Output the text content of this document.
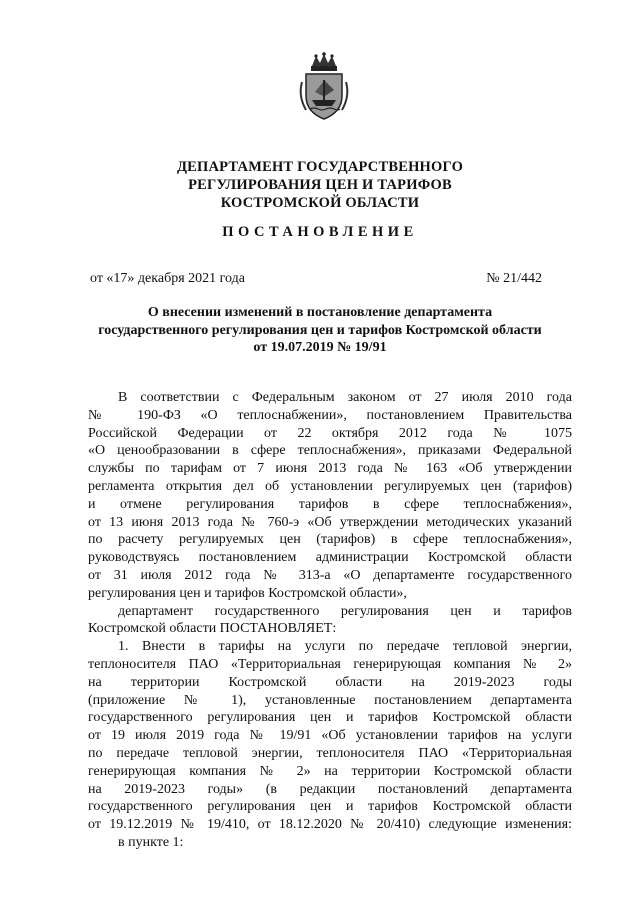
ДЕПАРТАМЕНТ ГОСУДАРСТВЕННОГО
РЕГУЛИРОВАНИЯ ЦЕН И ТАРИФОВ
КОСТРОМСКОЙ ОБЛАСТИ
ПОСТАНОВЛЕНИЕ
от «17» декабря 2021 года	№ 21/442
О внесении изменений в постановление департамента
государственного регулирования цен и тарифов Костромской области
от 19.07.2019 № 19/91
В соответствии с Федеральным законом от 27 июля 2010 года
№ 190-ФЗ «О теплоснабжении», постановлением Правительства
Российской Федерации от 22 октября 2012 года № 1075
«О ценообразовании в сфере теплоснабжения», приказами Федеральной
службы по тарифам от 7 июня 2013 года № 163 «Об утверждении
регламента открытия дел об установлении регулируемых цен (тарифов)
и отмене регулирования тарифов в сфере теплоснабжения»,
от 13 июня 2013 года № 760-э «Об утверждении методических указаний
по расчету регулируемых цен (тарифов) в сфере теплоснабжения»,
руководствуясь постановлением администрации Костромской области
от 31 июля 2012 года № 313-а «О департаменте государственного
регулирования цен и тарифов Костромской области»,
департамент государственного регулирования цен и тарифов
Костромской области ПОСТАНОВЛЯЕТ:
1. Внести в тарифы на услуги по передаче тепловой энергии,
теплоносителя ПАО «Территориальная генерирующая компания № 2»
на территории Костромской области на 2019-2023 годы
(приложение № 1), установленные постановлением департамента
государственного регулирования цен и тарифов Костромской области
от 19 июля 2019 года № 19/91 «Об установлении тарифов на услуги
по передаче тепловой энергии, теплоносителя ПАО «Территориальная
генерирующая компания № 2» на территории Костромской области
на 2019-2023 годы» (в редакции постановлений департамента
государственного регулирования цен и тарифов Костромской области
от 19.12.2019 № 19/410, от 18.12.2020 № 20/410) следующие изменения:
в пункте 1:
